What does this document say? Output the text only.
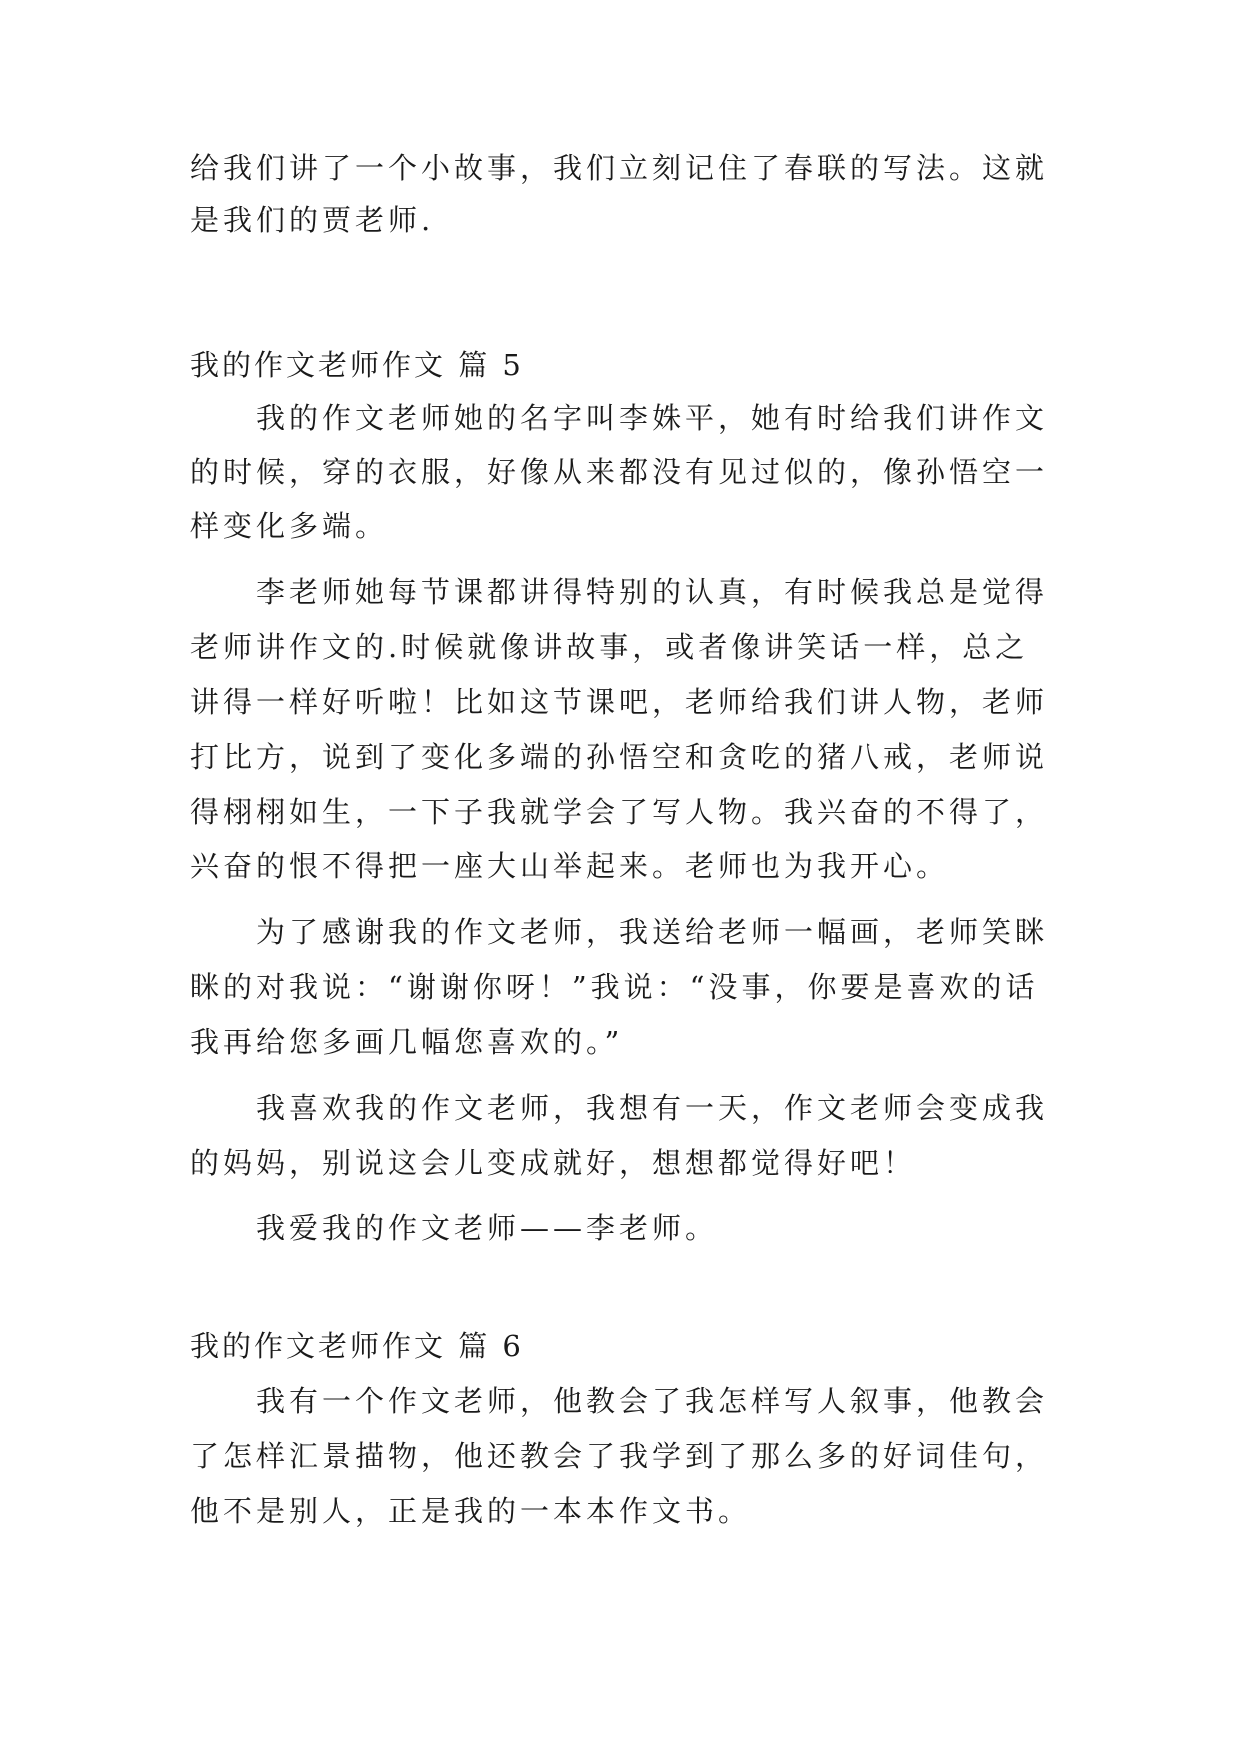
给我们讲了一个小故事，我们立刻记住了春联的写法。这就
是我们的贾老师.
我的作文老师作文 篇 5
我的作文老师她的名字叫李姝平，她有时给我们讲作文
的时候，穿的衣服，好像从来都没有见过似的，像孙悟空一
样变化多端。
李老师她每节课都讲得特别的认真，有时候我总是觉得
老师讲作文的.时候就像讲故事，或者像讲笑话一样，总之
讲得一样好听啦！比如这节课吧，老师给我们讲人物，老师
打比方，说到了变化多端的孙悟空和贪吃的猪八戒，老师说
得栩栩如生，一下子我就学会了写人物。我兴奋的不得了，
兴奋的恨不得把一座大山举起来。老师也为我开心。
为了感谢我的作文老师，我送给老师一幅画，老师笑眯
眯的对我说：“谢谢你呀！”我说：“没事，你要是喜欢的话
我再给您多画几幅您喜欢的。”
我喜欢我的作文老师，我想有一天，作文老师会变成我
的妈妈，别说这会儿变成就好，想想都觉得好吧！
我爱我的作文老师——李老师。
我的作文老师作文 篇 6
我有一个作文老师，他教会了我怎样写人叙事，他教会
了怎样汇景描物，他还教会了我学到了那么多的好词佳句，
他不是别人，正是我的一本本作文书。
